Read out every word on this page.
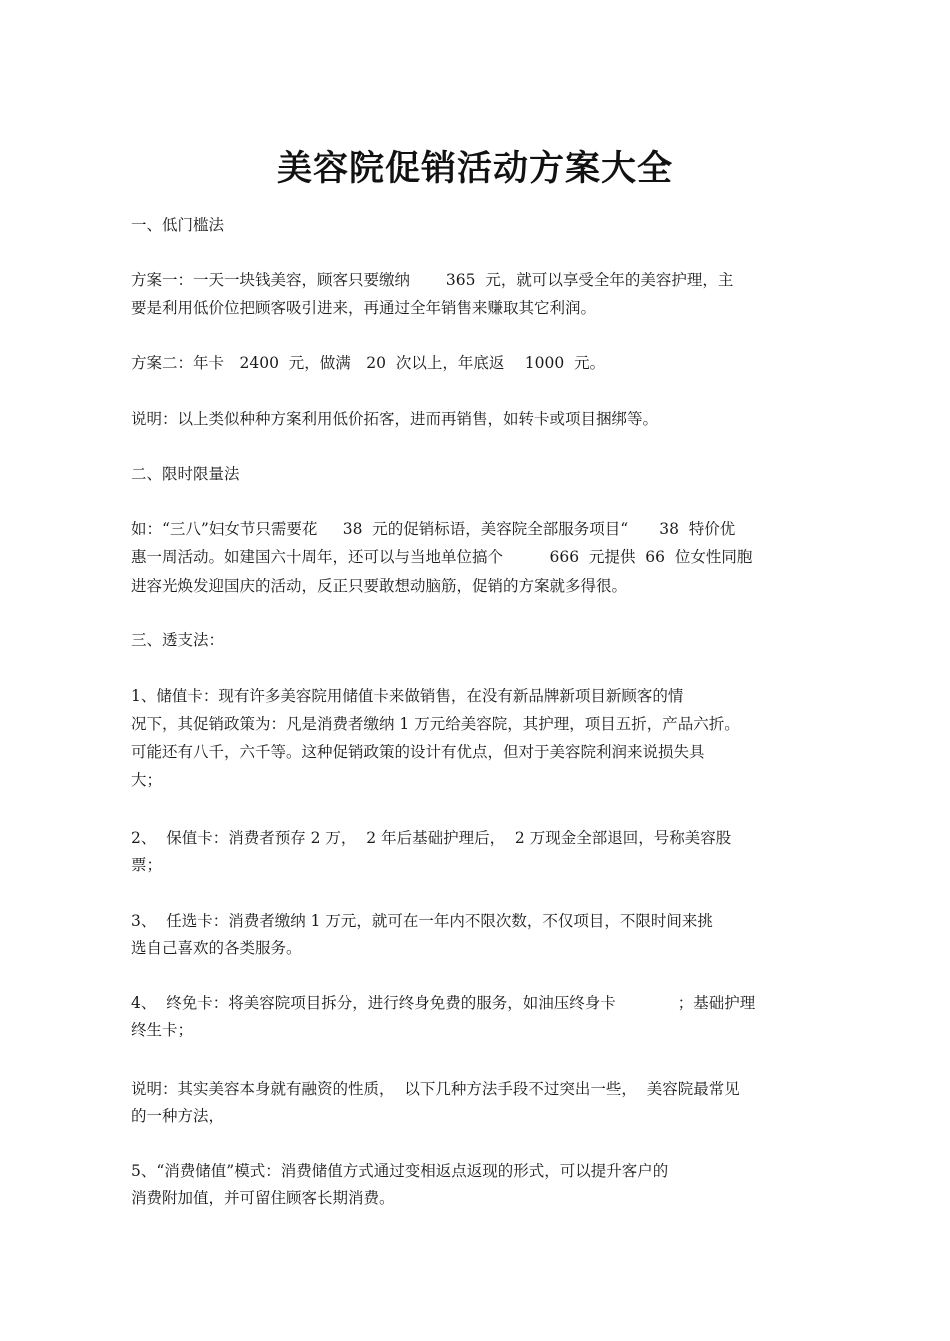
美容院促销活动方案大全

一、低门槛法

方案一：一天一块钱美容，顾客只要缴纳　　 365  元，就可以享受全年的美容护理，主

要是利用低价位把顾客吸引进来，再通过全年销售来赚取其它利润。

方案二：年卡　2400  元，做满　20  次以上，年底返　 1000  元。

说明：以上类似种种方案利用低价拓客，进而再销售，如转卡或项目捆绑等。

二、限时限量法

如：“三八”妇女节只需要花　  38  元的促销标语，美容院全部服务项目“　　38  特价优

惠一周活动。如建国六十周年，还可以与当地单位搞个　　　666  元提供  66  位女性同胞

进容光焕发迎国庆的活动，反正只要敢想动脑筋，促销的方案就多得很。

三、透支法：

1、储值卡：现有许多美容院用储值卡来做销售，在没有新品牌新项目新顾客的情

况下，其促销政策为：凡是消费者缴纳 1 万元给美容院，其护理，项目五折，产品六折。

可能还有八千，六千等。这种促销政策的设计有优点，但对于美容院利润来说损失具

大；

2、  保值卡：消费者预存 2 万，  2 年后基础护理后，  2 万现金全部退回，号称美容股

票；

3、  任选卡：消费者缴纳 1 万元，就可在一年内不限次数，不仅项目，不限时间来挑

选自己喜欢的各类服务。

4、  终免卡：将美容院项目拆分，进行终身免费的服务，如油压终身卡　　　　；基础护理

终生卡；

说明：其实美容本身就有融资的性质，  以下几种方法手段不过突出一些，  美容院最常见

的一种方法，

5、“消费储值”模式：消费储值方式通过变相返点返现的形式，可以提升客户的

消费附加值，并可留住顾客长期消费。
